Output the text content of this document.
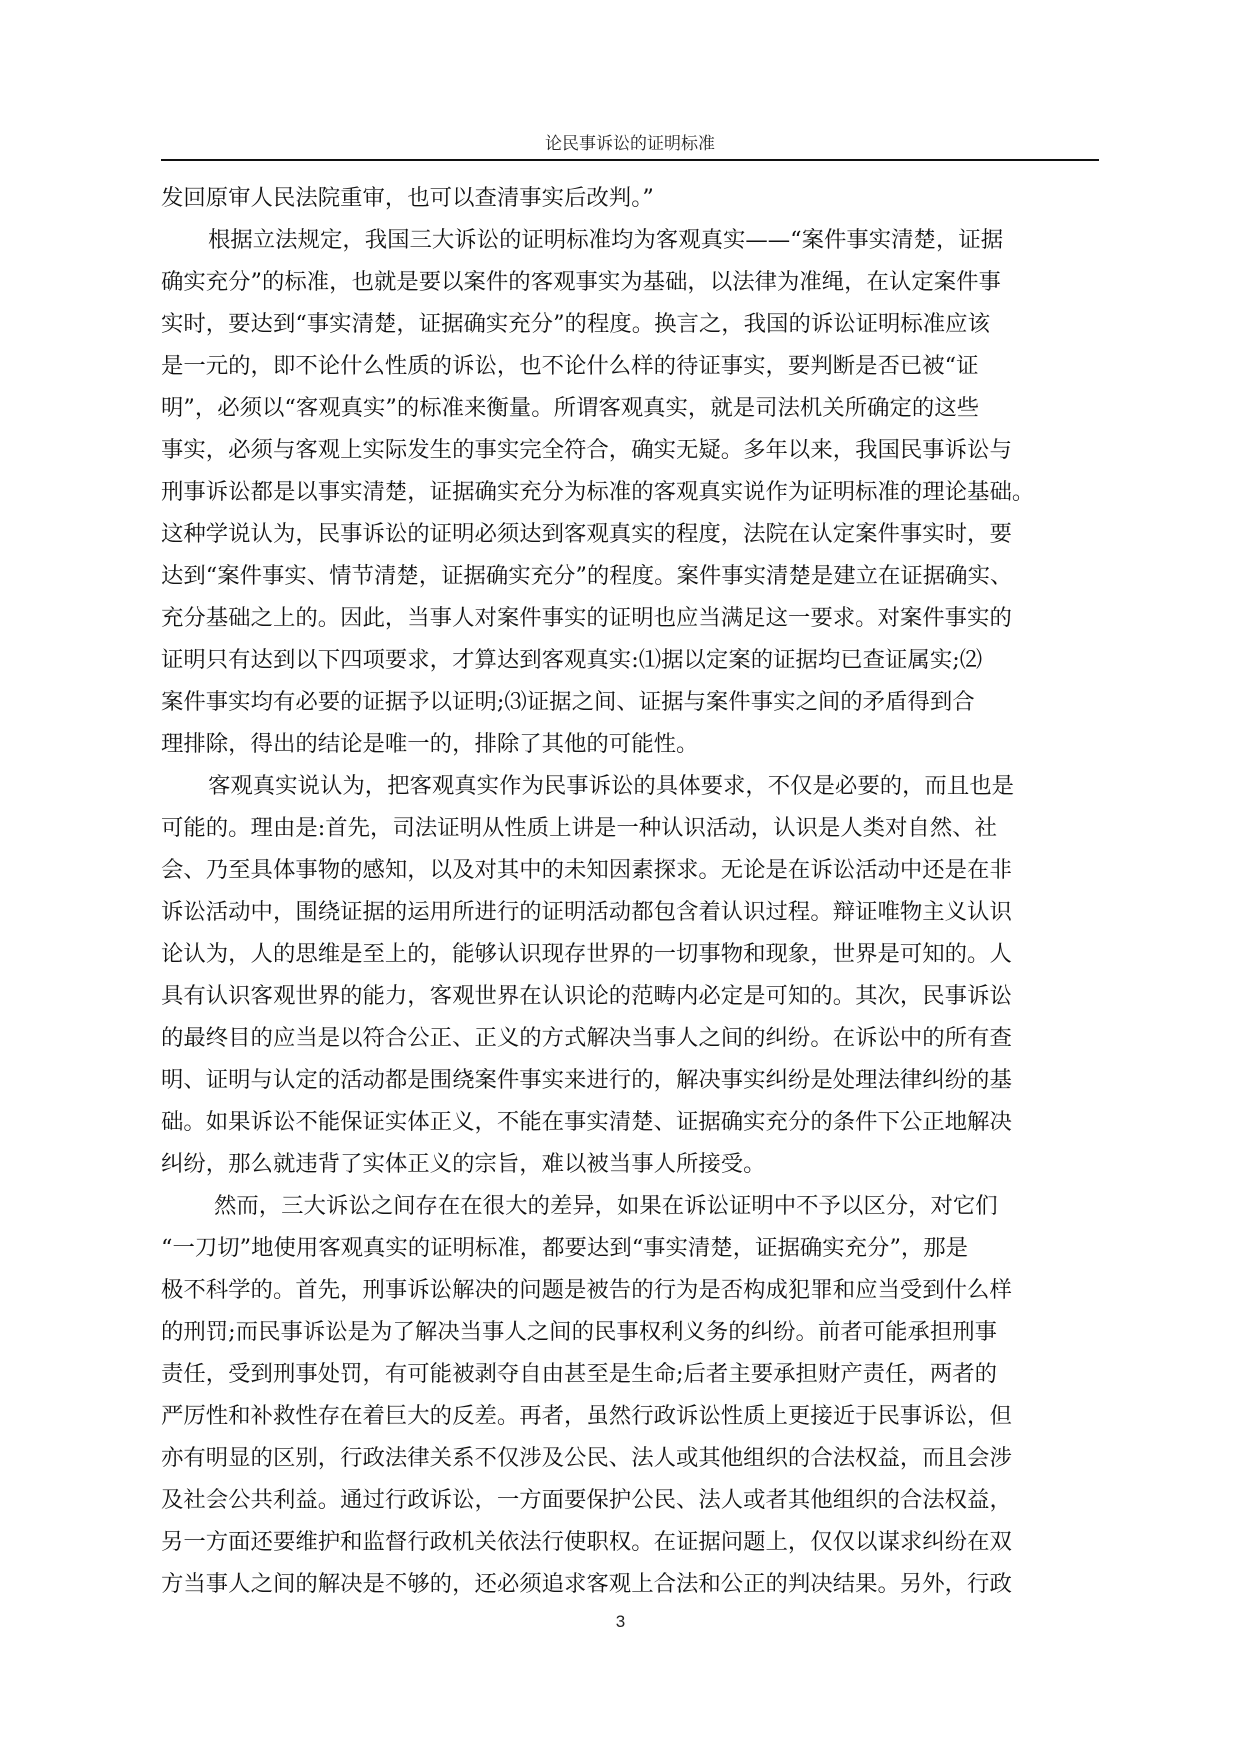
论民事诉讼的证明标准
发回原审人民法院重审，也可以查清事实后改判。”
根据立法规定，我国三大诉讼的证明标准均为客观真实——“案件事实清楚，证据
确实充分”的标准，也就是要以案件的客观事实为基础，以法律为准绳，在认定案件事
实时，要达到“事实清楚，证据确实充分”的程度。换言之，我国的诉讼证明标准应该
是一元的，即不论什么性质的诉讼，也不论什么样的待证事实，要判断是否已被“证
明”，必须以“客观真实”的标准来衡量。所谓客观真实，就是司法机关所确定的这些
事实，必须与客观上实际发生的事实完全符合，确实无疑。多年以来，我国民事诉讼与
刑事诉讼都是以事实清楚，证据确实充分为标准的客观真实说作为证明标准的理论基础。
这种学说认为，民事诉讼的证明必须达到客观真实的程度，法院在认定案件事实时，要
达到“案件事实、情节清楚，证据确实充分”的程度。案件事实清楚是建立在证据确实、
充分基础之上的。因此，当事人对案件事实的证明也应当满足这一要求。对案件事实的
证明只有达到以下四项要求，才算达到客观真实:⑴据以定案的证据均已查证属实;⑵
案件事实均有必要的证据予以证明;⑶证据之间、证据与案件事实之间的矛盾得到合
理排除，得出的结论是唯一的，排除了其他的可能性。
客观真实说认为，把客观真实作为民事诉讼的具体要求，不仅是必要的，而且也是
可能的。理由是:首先，司法证明从性质上讲是一种认识活动，认识是人类对自然、社
会、乃至具体事物的感知，以及对其中的未知因素探求。无论是在诉讼活动中还是在非
诉讼活动中，围绕证据的运用所进行的证明活动都包含着认识过程。辩证唯物主义认识
论认为，人的思维是至上的，能够认识现存世界的一切事物和现象，世界是可知的。人
具有认识客观世界的能力，客观世界在认识论的范畴内必定是可知的。其次，民事诉讼
的最终目的应当是以符合公正、正义的方式解决当事人之间的纠纷。在诉讼中的所有查
明、证明与认定的活动都是围绕案件事实来进行的，解决事实纠纷是处理法律纠纷的基
础。如果诉讼不能保证实体正义，不能在事实清楚、证据确实充分的条件下公正地解决
纠纷，那么就违背了实体正义的宗旨，难以被当事人所接受。
然而，三大诉讼之间存在在很大的差异，如果在诉讼证明中不予以区分，对它们
“一刀切”地使用客观真实的证明标准，都要达到“事实清楚，证据确实充分”，那是
极不科学的。首先，刑事诉讼解决的问题是被告的行为是否构成犯罪和应当受到什么样
的刑罚;而民事诉讼是为了解决当事人之间的民事权利义务的纠纷。前者可能承担刑事
责任，受到刑事处罚，有可能被剥夺自由甚至是生命;后者主要承担财产责任，两者的
严厉性和补救性存在着巨大的反差。再者，虽然行政诉讼性质上更接近于民事诉讼，但
亦有明显的区别，行政法律关系不仅涉及公民、法人或其他组织的合法权益，而且会涉
及社会公共利益。通过行政诉讼，一方面要保护公民、法人或者其他组织的合法权益，
另一方面还要维护和监督行政机关依法行使职权。在证据问题上，仅仅以谋求纠纷在双
方当事人之间的解决是不够的，还必须追求客观上合法和公正的判决结果。另外，行政
3
